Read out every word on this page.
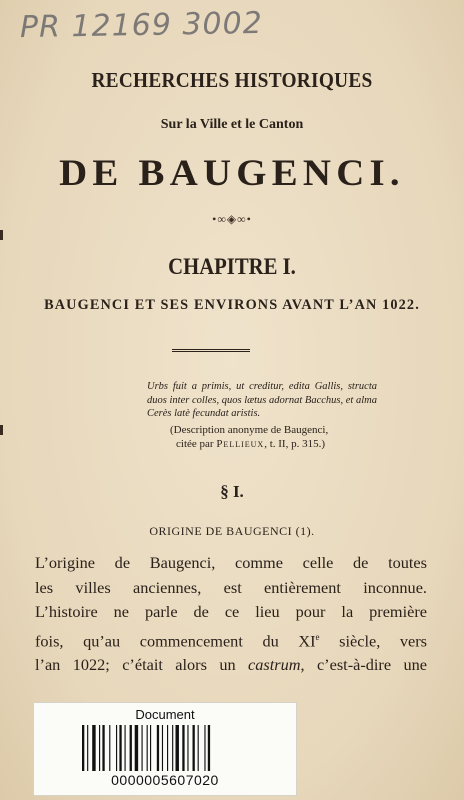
PR 12169 3002
RECHERCHES HISTORIQUES
Sur la Ville et le Canton
DE BAUGENCI.
•∞◈∞•
CHAPITRE I.
BAUGENCI ET SES ENVIRONS AVANT L’AN 1022.
Urbs fuit a primis, ut creditur, edita Gallis, structa duos inter colles, quos lætus adornat Bacchus, et alma Cerès latè fecundat aristis.
(Description anonyme de Baugenci,
citée par Pellieux, t. II, p. 315.)
§ I.
ORIGINE DE BAUGENCI (1).
L’origine de Baugenci, comme celle de toutes
les villes anciennes, est entièrement inconnue.
L’histoire ne parle de ce lieu pour la première
fois, qu’au commencement du XIe siècle, vers
l’an 1022; c’était alors un castrum, c’est-à-dire une
Document
0000005607020
